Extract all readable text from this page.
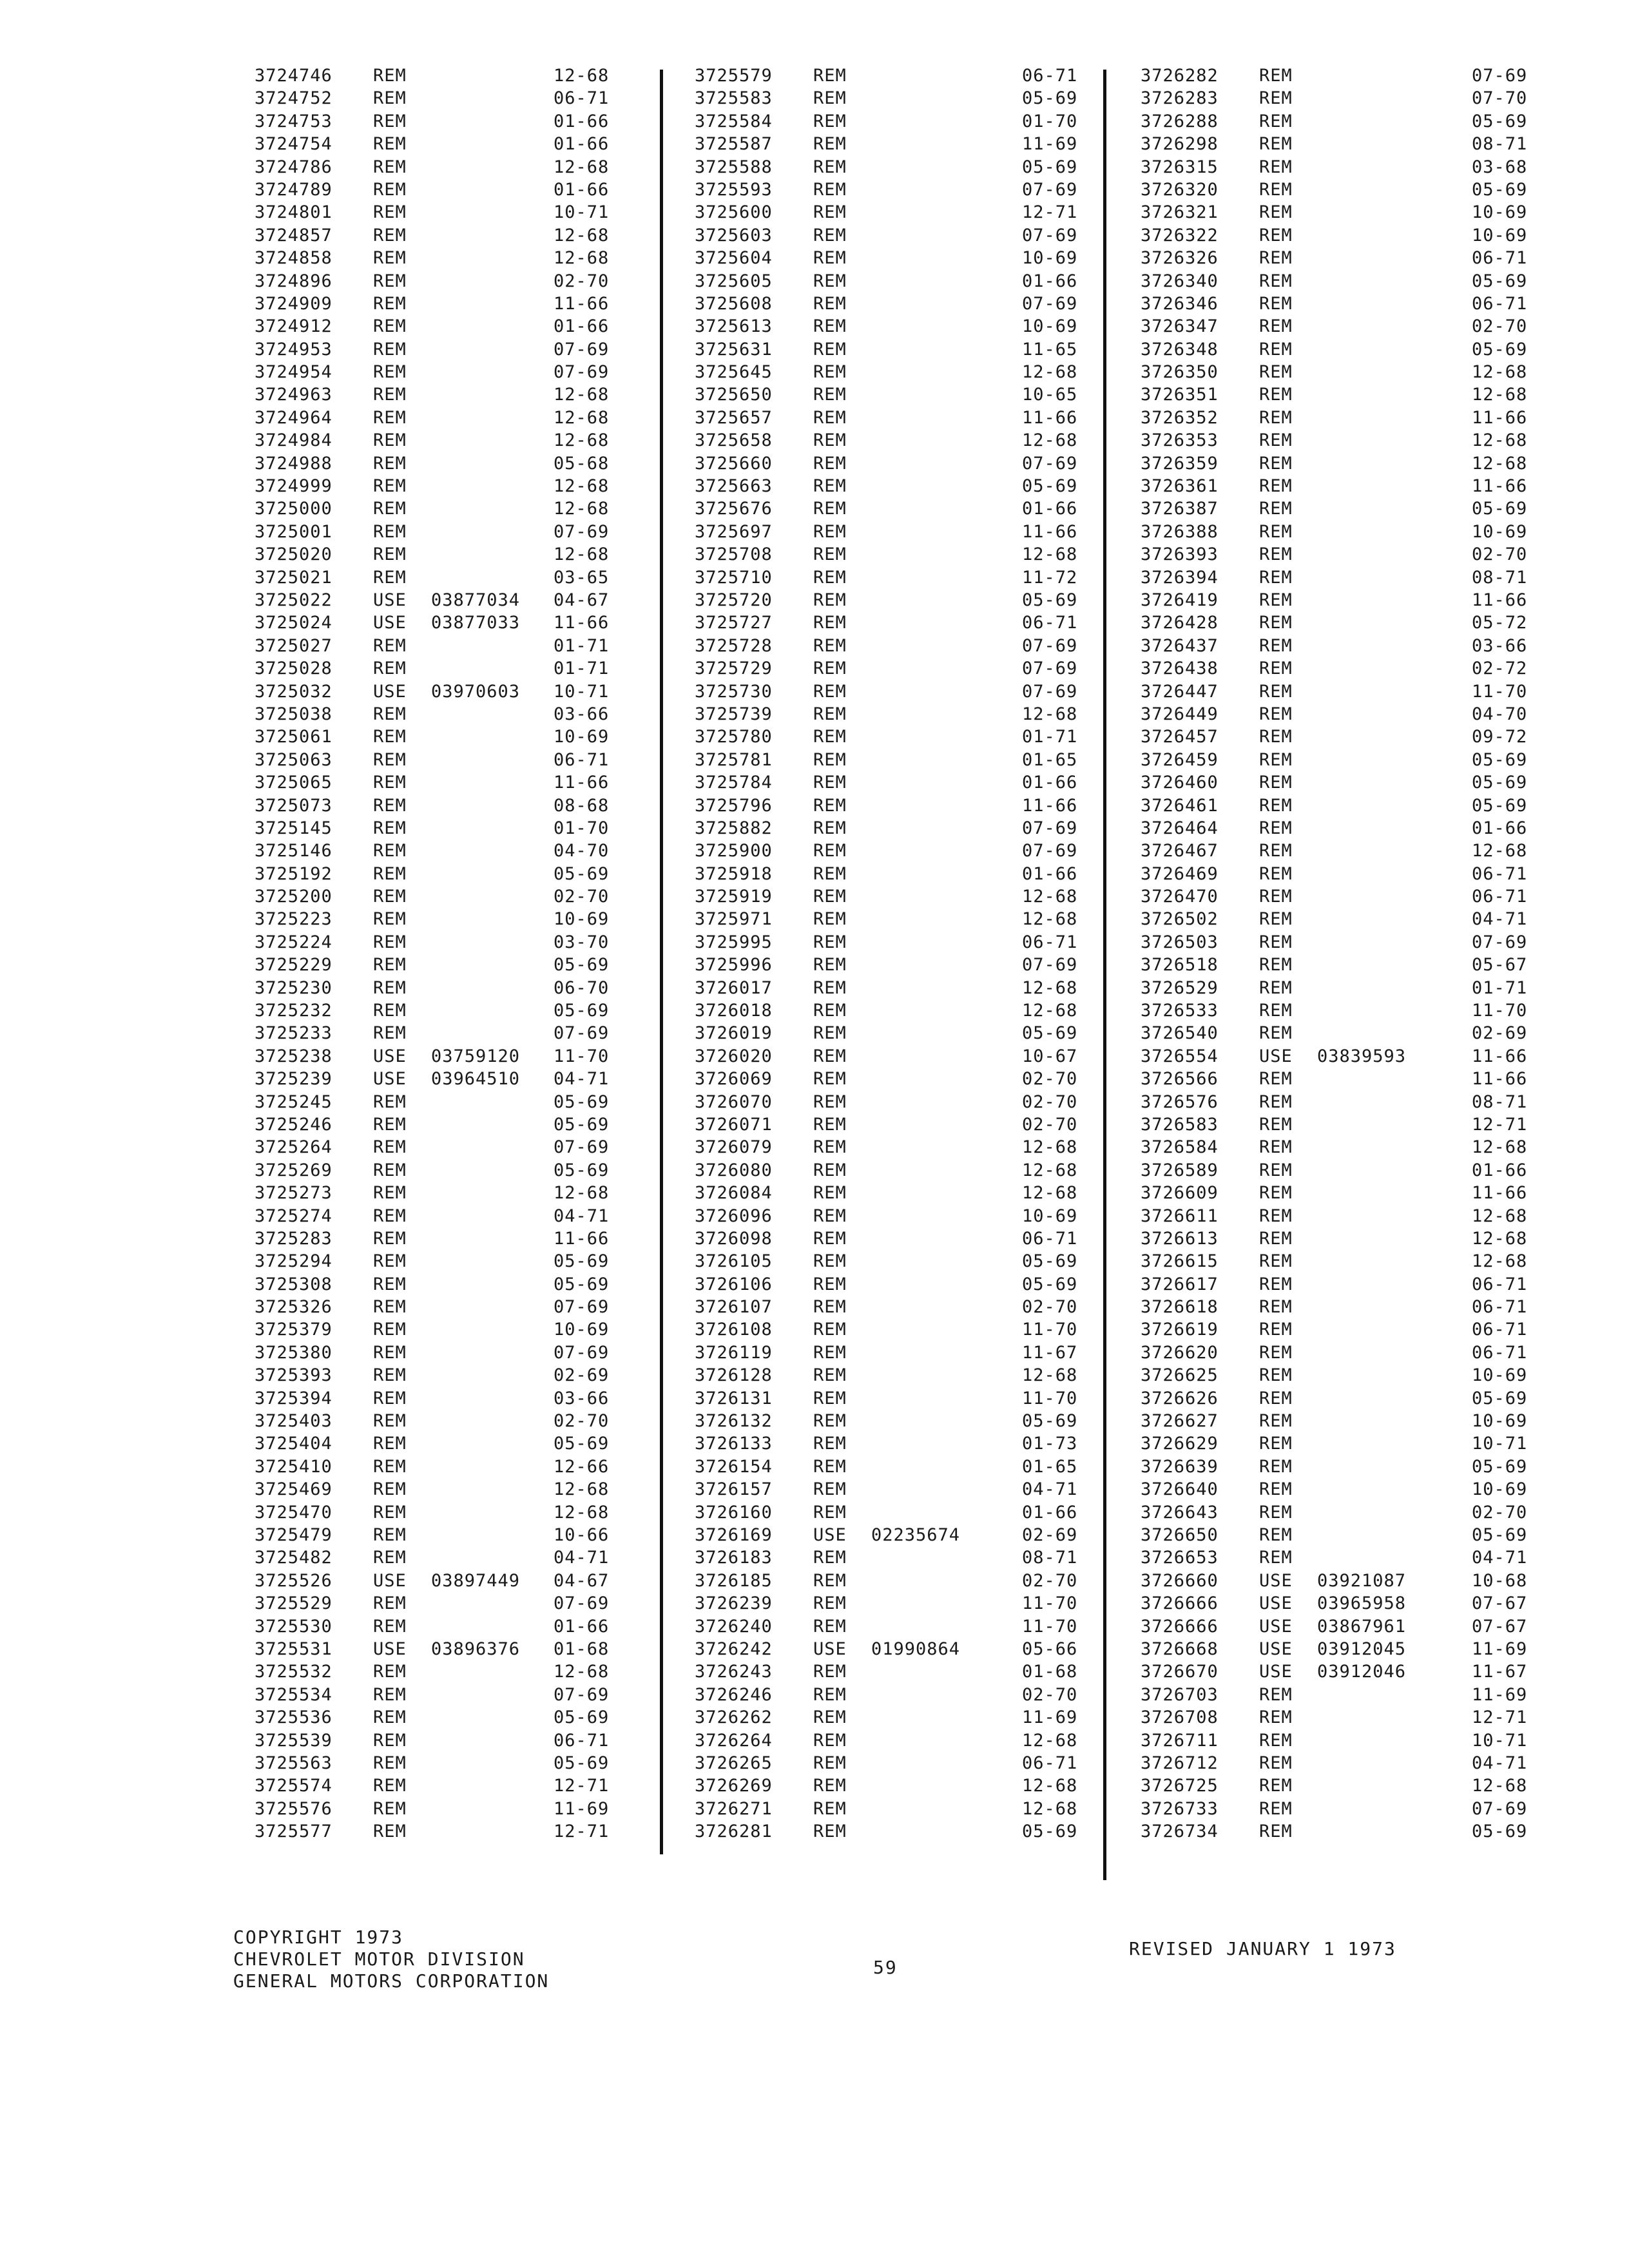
3724746 REM	12-68
3724752 REM	06-71
3724753 REM	01-66
3724754 REM	01-66
3724786 REM	12-68
3724789 REM	01-66
3724801 REM	10-71
3724857 REM	12-68
3724858 REM	12-68
3724896 REM	02-70
3724909 REM	11-66
3724912 REM	01-66
3724953 REM	07-69
3724954 REM	07-69
3724963 REM	12-68
3724964 REM	12-68
3724984 REM	12-68
3724988 REM	05-68
3724999 REM	12-68
3725000 REM	12-68
3725001 REM	07-69
3725020 REM	12-68
3725021 REM	03-65
3725022 USE 03877034 04-67
3725024 USE 03877033 11-66
3725027 REM	01-71
3725028 REM	01-71
3725032 USE 03970603 10-71
3725038 REM	03-66
3725061 REM	10-69
3725063 REM	06-71
3725065 REM	11-66
3725073 REM	08-68
3725145 REM	01-70
3725146 REM	04-70
3725192 REM	05-69
3725200 REM	02-70
3725223 REM	10-69
3725224 REM	03-70
3725229 REM	05-69
3725230 REM	06-70
3725232 REM	05-69
3725233 REM	07-69
3725238 USE 03759120 11-70
3725239 USE 03964510 04-71
3725245 REM	05-69
3725246 REM	05-69
3725264 REM	07-69
3725269 REM	05-69
3725273 REM	12-68
3725274 REM	04-71
3725283 REM	11-66
3725294 REM	05-69
3725308 REM	05-69
3725326 REM	07-69
3725379 REM	10-69
3725380 REM	07-69
3725393 REM	02-69
3725394 REM	03-66
3725403 REM	02-70
3725404 REM	05-69
3725410 REM	12-66
3725469 REM	12-68
3725470 REM	12-68
3725479 REM	10-66
3725482 REM	04-71
3725526 USE 03897449 04-67
3725529 REM	07-69
3725530 REM	01-66
3725531 USE 03896376 01-68
3725532 REM	12-68
3725534 REM	07-69
3725536 REM	05-69
3725539 REM	06-71
3725563 REM	05-69
3725574 REM	12-71
3725576 REM	11-69
3725577 REM	12-71
3725579 REM	06-71
3725583 REM	05-69
3725584 REM	01-70
3725587 REM	11-69
3725588 REM	05-69
3725593 REM	07-69
3725600 REM	12-71
3725603 REM	07-69
3725604 REM	10-69
3725605 REM	01-66
3725608 REM	07-69
3725613 REM	10-69
3725631 REM	11-65
3725645 REM	12-68
3725650 REM	10-65
3725657 REM	11-66
3725658 REM	12-68
3725660 REM	07-69
3725663 REM	05-69
3725676 REM	01-66
3725697 REM	11-66
3725708 REM	12-68
3725710 REM	11-72
3725720 REM	05-69
3725727 REM	06-71
3725728 REM	07-69
3725729 REM	07-69
3725730 REM	07-69
3725739 REM	12-68
3725780 REM	01-71
3725781 REM	01-65
3725784 REM	01-66
3725796 REM	11-66
3725882 REM	07-69
3725900 REM	07-69
3725918 REM	01-66
3725919 REM	12-68
3725971 REM	12-68
3725995 REM	06-71
3725996 REM	07-69
3726017 REM	12-68
3726018 REM	12-68
3726019 REM	05-69
3726020 REM	10-67
3726069 REM	02-70
3726070 REM	02-70
3726071 REM	02-70
3726079 REM	12-68
3726080 REM	12-68
3726084 REM	12-68
3726096 REM	10-69
3726098 REM	06-71
3726105 REM	05-69
3726106 REM	05-69
3726107 REM	02-70
3726108 REM	11-70
3726119 REM	11-67
3726128 REM	12-68
3726131 REM	11-70
3726132 REM	05-69
3726133 REM	01-73
3726154 REM	01-65
3726157 REM	04-71
3726160 REM	01-66
3726169 USE 02235674	02-69
3726183 REM	08-71
3726185 REM	02-70
3726239 REM	11-70
3726240 REM	11-70
3726242 USE 01990864	05-66
3726243 REM	01-68
3726246 REM	02-70
3726262 REM	11-69
3726264 REM	12-68
3726265 REM	06-71
3726269 REM	12-68
3726271 REM	12-68
3726281 REM	05-69
3726282 REM	07-69
3726283 REM	07-70
3726288 REM	05-69
3726298 REM	08-71
3726315 REM	03-68
3726320 REM	05-69
3726321 REM	10-69
3726322 REM	10-69
3726326 REM	06-71
3726340 REM	05-69
3726346 REM	06-71
3726347 REM	02-70
3726348 REM	05-69
3726350 REM	12-68
3726351 REM	12-68
3726352 REM	11-66
3726353 REM	12-68
3726359 REM	12-68
3726361 REM	11-66
3726387 REM	05-69
3726388 REM	10-69
3726393 REM	02-70
3726394 REM	08-71
3726419 REM	11-66
3726428 REM	05-72
3726437 REM	03-66
3726438 REM	02-72
3726447 REM	11-70
3726449 REM	04-70
3726457 REM	09-72
3726459 REM	05-69
3726460 REM	05-69
3726461 REM	05-69
3726464 REM	01-66
3726467 REM	12-68
3726469 REM	06-71
3726470 REM	06-71
3726502 REM	04-71
3726503 REM	07-69
3726518 REM	05-67
3726529 REM	01-71
3726533 REM	11-70
3726540 REM	02-69
3726554 USE 03839593	11-66
3726566 REM	11-66
3726576 REM	08-71
3726583 REM	12-71
3726584 REM	12-68
3726589 REM	01-66
3726609 REM	11-66
3726611 REM	12-68
3726613 REM	12-68
3726615 REM	12-68
3726617 REM	06-71
3726618 REM	06-71
3726619 REM	06-71
3726620 REM	06-71
3726625 REM	10-69
3726626 REM	05-69
3726627 REM	10-69
3726629 REM	10-71
3726639 REM	05-69
3726640 REM	10-69
3726643 REM	02-70
3726650 REM	05-69
3726653 REM	04-71
3726660 USE 03921087	10-68
3726666 USE 03965958	07-67
3726666 USE 03867961	07-67
3726668 USE 03912045	11-69
3726670 USE 03912046	11-67
3726703 REM	11-69
3726708 REM	12-71
3726711 REM	10-71
3726712 REM	04-71
3726725 REM	12-68
3726733 REM	07-69
3726734 REM	05-69
COPYRIGHT 1973
CHEVROLET MOTOR DIVISION
GENERAL MOTORS CORPORATION
59
REVISED JANUARY 1 1973
